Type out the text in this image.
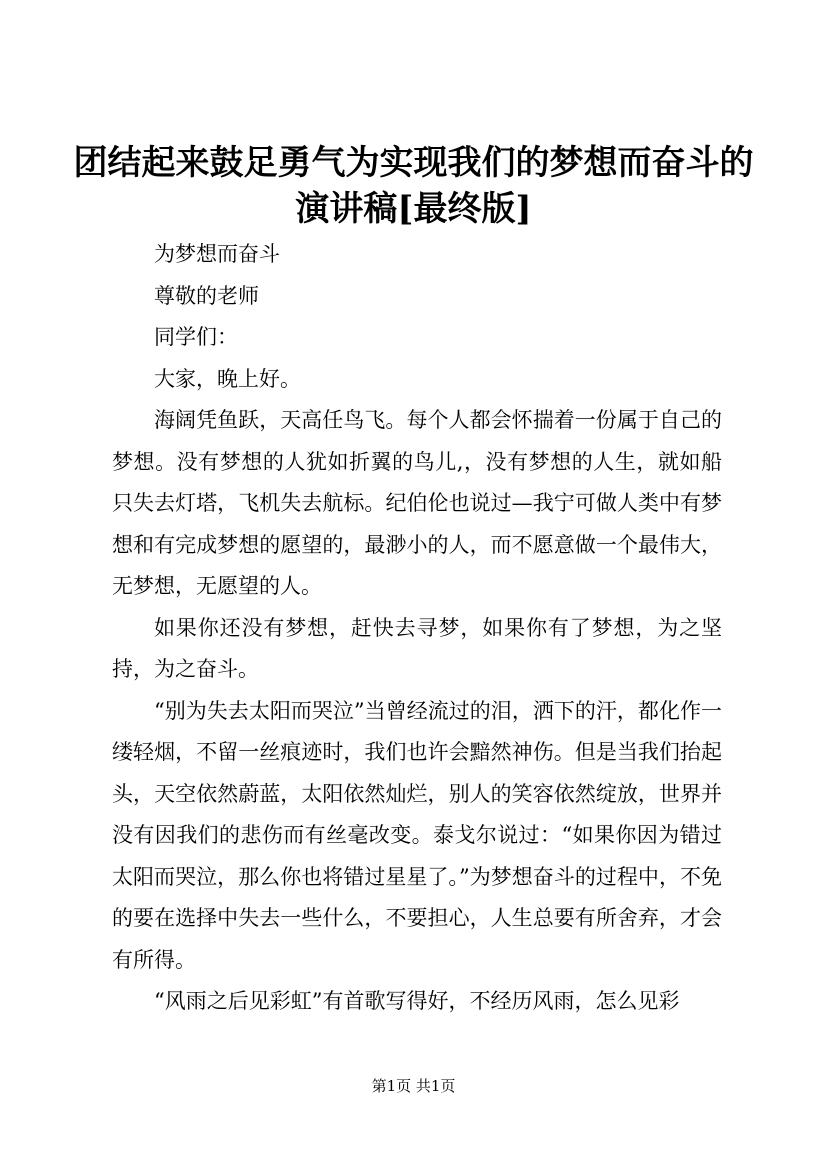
团结起来鼓足勇气为实现我们的梦想而奋斗的演讲稿[最终版]

为梦想而奋斗

尊敬的老师

同学们：

大家，晚上好。

海阔凭鱼跃，天高任鸟飞。每个人都会怀揣着一份属于自己的梦想。没有梦想的人犹如折翼的鸟儿,，没有梦想的人生，就如船只失去灯塔，飞机失去航标。纪伯伦也说过—我宁可做人类中有梦想和有完成梦想的愿望的，最渺小的人，而不愿意做一个最伟大，无梦想，无愿望的人。

如果你还没有梦想，赶快去寻梦，如果你有了梦想，为之坚持，为之奋斗。

“别为失去太阳而哭泣”当曾经流过的泪，洒下的汗，都化作一缕轻烟，不留一丝痕迹时，我们也许会黯然神伤。但是当我们抬起头，天空依然蔚蓝，太阳依然灿烂，别人的笑容依然绽放，世界并没有因我们的悲伤而有丝毫改变。泰戈尔说过：“如果你因为错过太阳而哭泣，那么你也将错过星星了。”为梦想奋斗的过程中，不免的要在选择中失去一些什么，不要担心，人生总要有所舍弃，才会有所得。

“风雨之后见彩虹”有首歌写得好，不经历风雨，怎么见彩

第1页 共1页
